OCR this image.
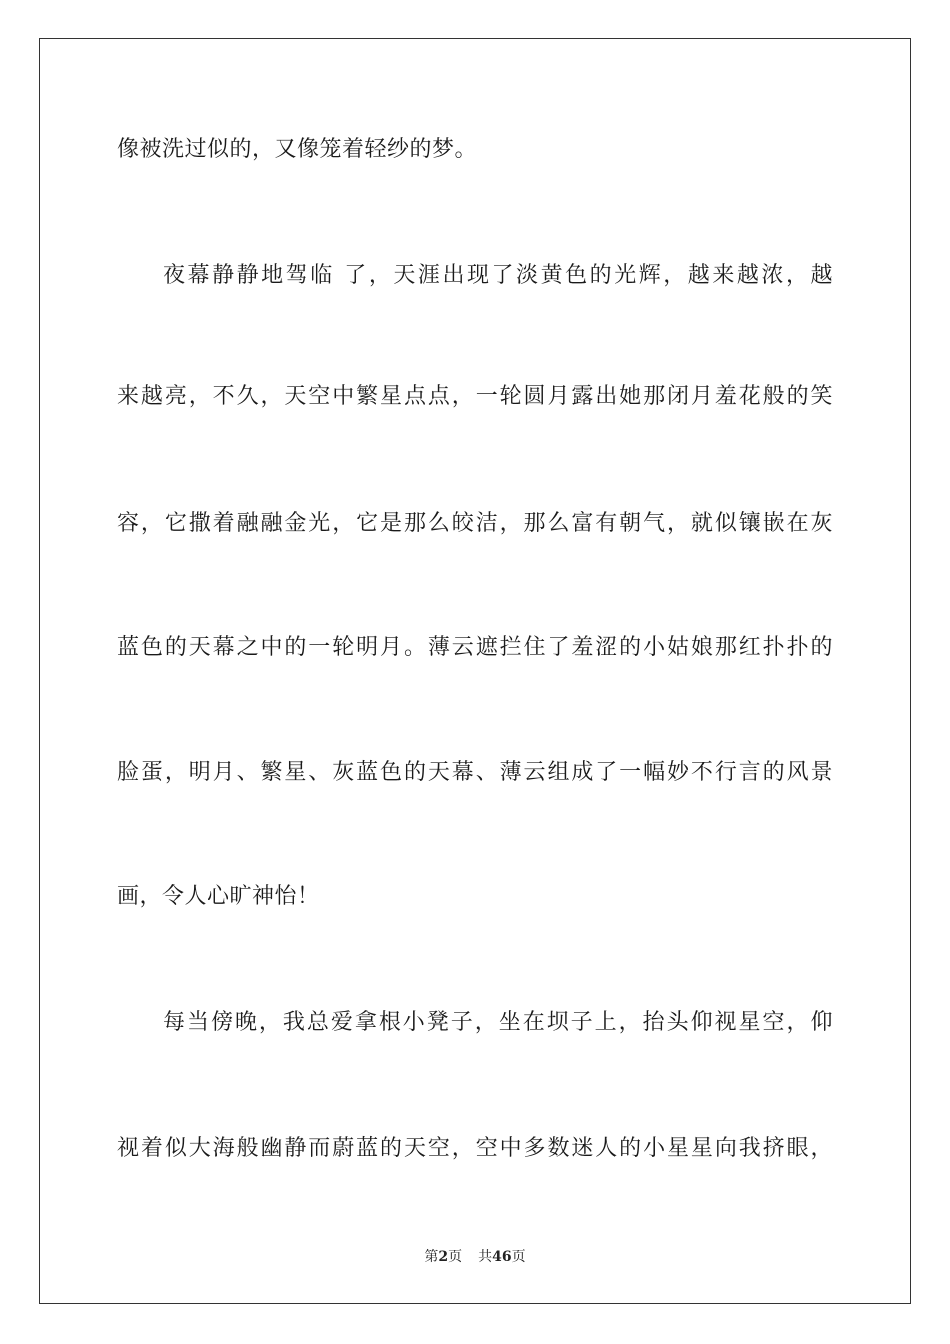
像被洗过似的，又像笼着轻纱的梦。
夜幕静静地驾临 了，天涯出现了淡黄色的光辉，越来越浓，越
来越亮，不久，天空中繁星点点，一轮圆月露出她那闭月羞花般的笑
容，它撒着融融金光，它是那么皎洁，那么富有朝气，就似镶嵌在灰
蓝色的天幕之中的一轮明月。薄云遮拦住了羞涩的小姑娘那红扑扑的
脸蛋，明月、繁星、灰蓝色的天幕、薄云组成了一幅妙不行言的风景
画，令人心旷神怡！
每当傍晚，我总爱拿根小凳子，坐在坝子上，抬头仰视星空，仰
视着似大海般幽静而蔚蓝的天空，空中多数迷人的小星星向我挤眼，
第2页 共46页
